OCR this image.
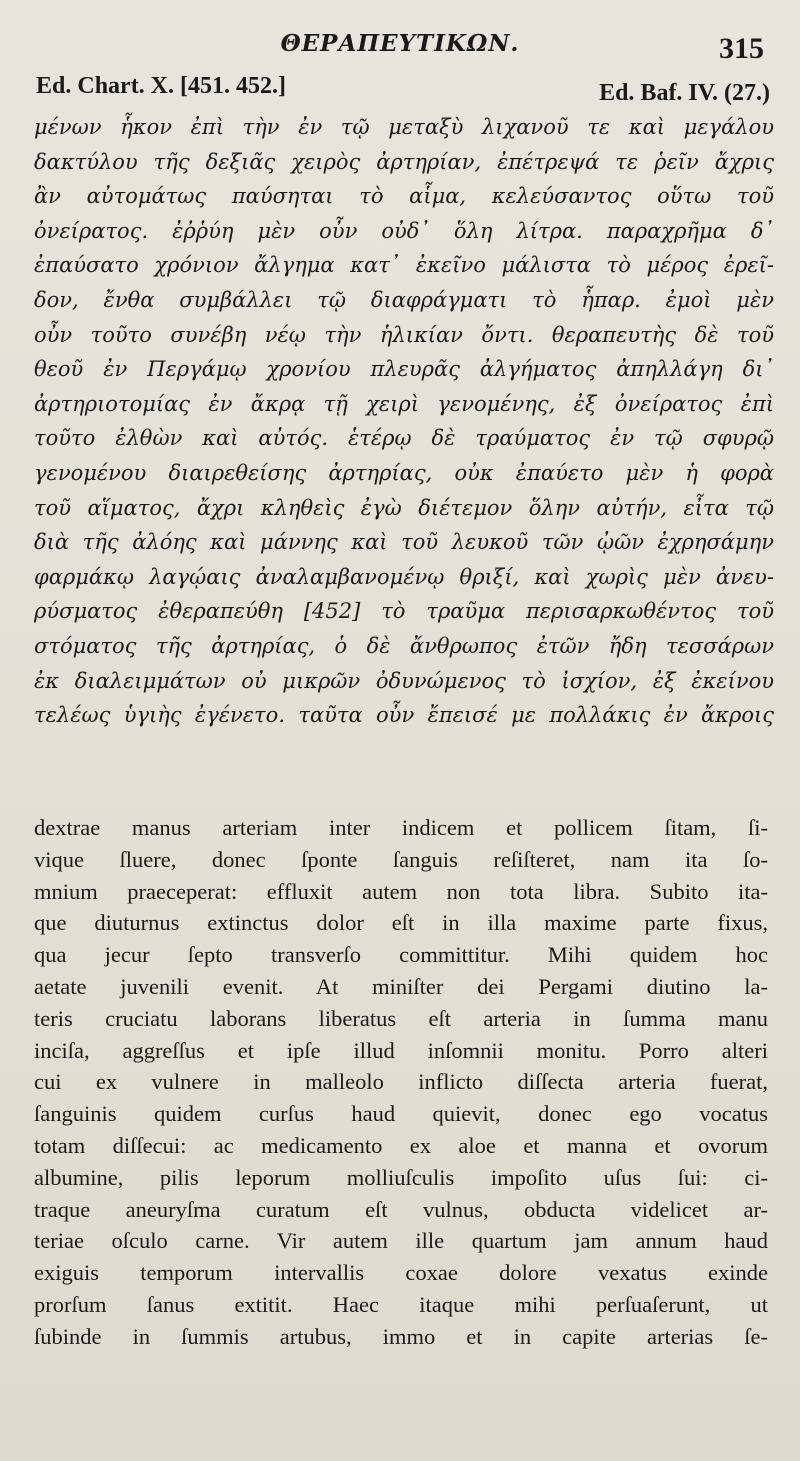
ΘΕΡΑΠΕΥΤΙΚΩΝ.	315
Ed. Chart. X. [451. 452.]	Ed. Baf. IV. (27.)
μένων ἧκον ἐπὶ τὴν ἐν τῷ μεταξὺ λιχανοῦ τε καὶ μεγάλου
δακτύλου τῆς δεξιᾶς χειρὸς ἀρτηρίαν, ἐπέτρεψά τε ῥεῖν ἄχρις
ἂν αὐτομάτως παύσηται τὸ αἷμα, κελεύσαντος οὕτω τοῦ
ὀνείρατος. ἐῤῥύη μὲν οὖν οὐδ᾽ ὅλη λίτρα. παραχρῆμα δ᾽
ἐπαύσατο χρόνιον ἄλγημα κατ᾽ ἐκεῖνο μάλιστα τὸ μέρος ἐρεῖ-
δον, ἔνθα συμβάλλει τῷ διαφράγματι τὸ ἧπαρ. ἐμοὶ μὲν
οὖν τοῦτο συνέβη νέῳ τὴν ἡλικίαν ὄντι. θεραπευτὴς δὲ τοῦ
θεοῦ ἐν Περγάμῳ χρονίου πλευρᾶς ἀλγήματος ἀπηλλάγη δι᾽
ἀρτηριοτομίας ἐν ἄκρᾳ τῇ χειρὶ γενομένης, ἐξ ὀνείρατος ἐπὶ
τοῦτο ἐλθὼν καὶ αὐτός. ἑτέρῳ δὲ τραύματος ἐν τῷ σφυρῷ
γενομένου διαιρεθείσης ἀρτηρίας, οὐκ ἐπαύετο μὲν ἡ φορὰ
τοῦ αἵματος, ἄχρι κληθεὶς ἐγὼ διέτεμον ὅλην αὐτήν, εἶτα τῷ
διὰ τῆς ἀλόης καὶ μάννης καὶ τοῦ λευκοῦ τῶν ᾠῶν ἐχρησάμην
φαρμάκῳ λαγῴαις ἀναλαμβανομένῳ θριξί, καὶ χωρὶς μὲν ἀνευ-
ρύσματος ἐθεραπεύθη [452] τὸ τραῦμα περισαρκωθέντος τοῦ
στόματος τῆς ἀρτηρίας, ὁ δὲ ἄνθρωπος ἐτῶν ἤδη τεσσάρων
ἐκ διαλειμμάτων οὐ μικρῶν ὀδυνώμενος τὸ ἰσχίον, ἐξ ἐκείνου
τελέως ὑγιὴς ἐγένετο. ταῦτα οὖν ἔπεισέ με πολλάκις ἐν ἄκροις
dextrae manus arteriam inter indicem et pollicem ſitam, ſi-
vique ſluere, donec ſponte ſanguis reſiſteret, nam ita ſo-
mnium praeceperat: effluxit autem non tota libra. Subito ita-
que diuturnus extinctus dolor eſt in illa maxime parte fixus,
qua jecur ſepto transverſo committitur. Mihi quidem hoc
aetate juvenili evenit. At miniſter dei Pergami diutino la-
teris cruciatu laborans liberatus eſt arteria in ſumma manu
inciſa, aggreſſus et ipſe illud inſomnii monitu. Porro alteri
cui ex vulnere in malleolo inflicto diſſecta arteria fuerat,
ſanguinis quidem curſus haud quievit, donec ego vocatus
totam diſſecui: ac medicamento ex aloe et manna et ovorum
albumine, pilis leporum molliuſculis impoſito uſus ſui: ci-
traque aneuryſma curatum eſt vulnus, obducta videlicet ar-
teriae oſculo carne. Vir autem ille quartum jam annum haud
exiguis temporum intervallis coxae dolore vexatus exinde
prorſum ſanus extitit. Haec itaque mihi perſuaſerunt, ut
ſubinde in ſummis artubus, immo et in capite arterias ſe-
